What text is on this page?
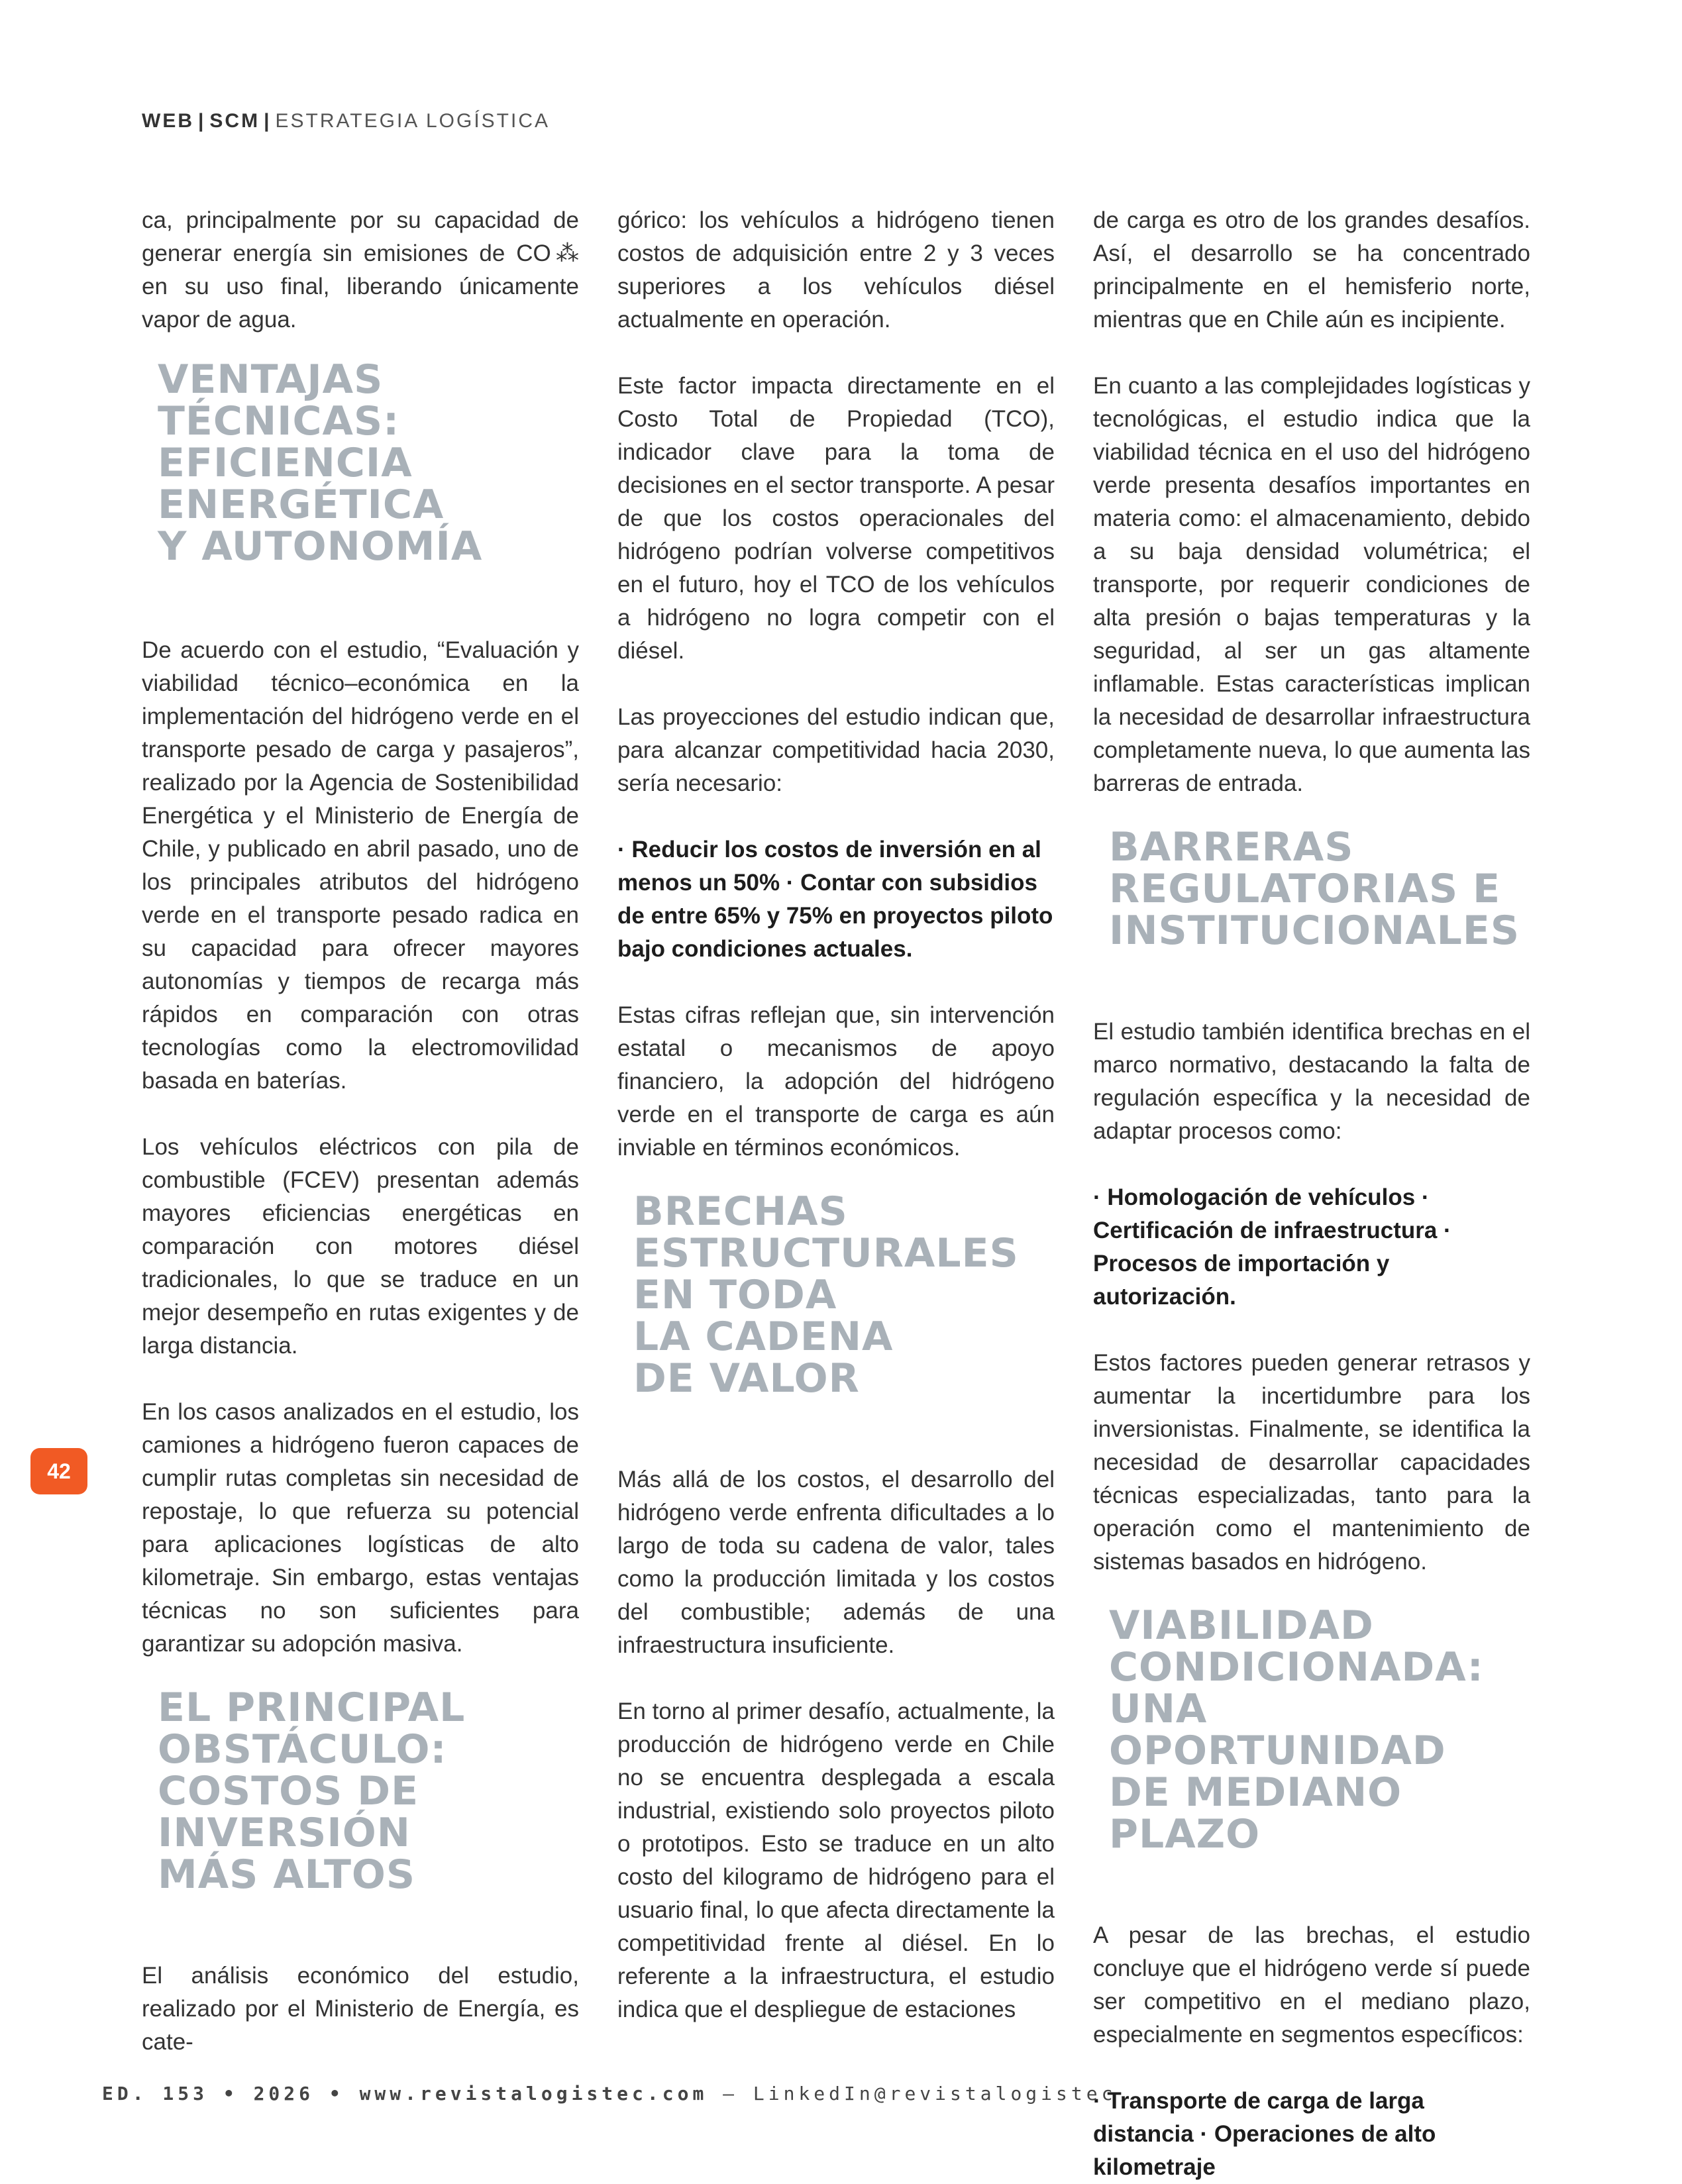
WEB | SCM | ESTRATEGIA LOGÍSTICA

ca, principalmente por su capacidad de generar energía sin emisiones de CO⁂ en su uso final, liberando únicamente vapor de agua.

VENTAJAS
TÉCNICAS:
EFICIENCIA
ENERGÉTICA
Y AUTONOMÍA

De acuerdo con el estudio, “Evaluación y viabilidad técnico–económica en la implementación del hidrógeno verde en el transporte pesado de carga y pasajeros”, realizado por la Agencia de Sostenibilidad Energética y el Ministerio de Energía de Chile, y publicado en abril pasado, uno de los principales atributos del hidrógeno verde en el transporte pesado radica en su capacidad para ofrecer mayores autonomías y tiempos de recarga más rápidos en comparación con otras tecnologías como la electromovilidad basada en baterías.

Los vehículos eléctricos con pila de combustible (FCEV) presentan además mayores eficiencias energéticas en comparación con motores diésel tradicionales, lo que se traduce en un mejor desempeño en rutas exigentes y de larga distancia.

En los casos analizados en el estudio, los camiones a hidrógeno fueron capaces de cumplir rutas completas sin necesidad de repostaje, lo que refuerza su potencial para aplicaciones logísticas de alto kilometraje. Sin embargo, estas ventajas técnicas no son suficientes para garantizar su adopción masiva.

EL PRINCIPAL
OBSTÁCULO:
COSTOS DE
INVERSIÓN
MÁS ALTOS

El análisis económico del estudio, realizado por el Ministerio de Energía, es cate-

górico: los vehículos a hidrógeno tienen costos de adquisición entre 2 y 3 veces superiores a los vehículos diésel actualmente en operación.

Este factor impacta directamente en el Costo Total de Propiedad (TCO), indicador clave para la toma de decisiones en el sector transporte. A pesar de que los costos operacionales del hidrógeno podrían volverse competitivos en el futuro, hoy el TCO de los vehículos a hidrógeno no logra competir con el diésel.

Las proyecciones del estudio indican que, para alcanzar competitividad hacia 2030, sería necesario:

· Reducir los costos de inversión en al menos un 50% · Contar con subsidios de entre 65% y 75% en proyectos piloto bajo condiciones actuales.

Estas cifras reflejan que, sin intervención estatal o mecanismos de apoyo financiero, la adopción del hidrógeno verde en el transporte de carga es aún inviable en términos económicos.

BRECHAS
ESTRUCTURALES
EN TODA
LA CADENA
DE VALOR

Más allá de los costos, el desarrollo del hidrógeno verde enfrenta dificultades a lo largo de toda su cadena de valor, tales como la producción limitada y los costos del combustible; además de una infraestructura insuficiente.

En torno al primer desafío, actualmente, la producción de hidrógeno verde en Chile no se encuentra desplegada a escala industrial, existiendo solo proyectos piloto o prototipos. Esto se traduce en un alto costo del kilogramo de hidrógeno para el usuario final, lo que afecta directamente la competitividad frente al diésel. En lo referente a la infraestructura, el estudio indica que el despliegue de estaciones

de carga es otro de los grandes desafíos. Así, el desarrollo se ha concentrado principalmente en el hemisferio norte, mientras que en Chile aún es incipiente.

En cuanto a las complejidades logísticas y tecnológicas, el estudio indica que la viabilidad técnica en el uso del hidrógeno verde presenta desafíos importantes en materia como: el almacenamiento, debido a su baja densidad volumétrica; el transporte, por requerir condiciones de alta presión o bajas temperaturas y la seguridad, al ser un gas altamente inflamable. Estas características implican la necesidad de desarrollar infraestructura completamente nueva, lo que aumenta las barreras de entrada.

BARRERAS
REGULATORIAS E
INSTITUCIONALES

El estudio también identifica brechas en el marco normativo, destacando la falta de regulación específica y la necesidad de adaptar procesos como:

· Homologación de vehículos · Certificación de infraestructura · Procesos de importación y autorización.

Estos factores pueden generar retrasos y aumentar la incertidumbre para los inversionistas. Finalmente, se identifica la necesidad de desarrollar capacidades técnicas especializadas, tanto para la operación como el mantenimiento de sistemas basados en hidrógeno.

VIABILIDAD
CONDICIONADA:
UNA OPORTUNIDAD
DE MEDIANO PLAZO

A pesar de las brechas, el estudio concluye que el hidrógeno verde sí puede ser competitivo en el mediano plazo, especialmente en segmentos específicos:

· Transporte de carga de larga distancia · Operaciones de alto kilometraje

42
ED. 153 • 2026 • www.revistalogistec.com – LinkedIn@revistalogistec
